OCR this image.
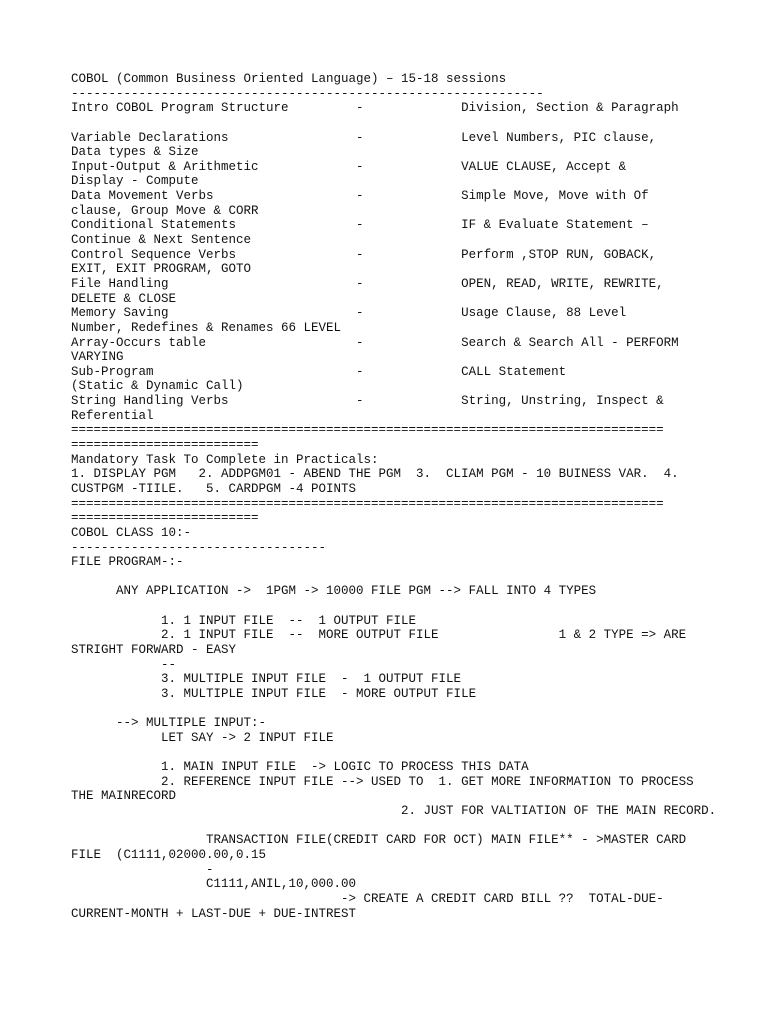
COBOL (Common Business Oriented Language) – 15-18 sessions
---------------------------------------------------------------
Intro COBOL Program Structure         -             Division, Section & Paragraph
Variable Declarations                 -             Level Numbers, PIC clause,
Data types & Size
Input-Output & Arithmetic             -             VALUE CLAUSE, Accept &
Display - Compute
Data Movement Verbs                   -             Simple Move, Move with Of
clause, Group Move & CORR
Conditional Statements                -             IF & Evaluate Statement –
Continue & Next Sentence
Control Sequence Verbs                -             Perform ,STOP RUN, GOBACK,
EXIT, EXIT PROGRAM, GOTO
File Handling                         -             OPEN, READ, WRITE, REWRITE,
DELETE & CLOSE
Memory Saving                         -             Usage Clause, 88 Level
Number, Redefines & Renames 66 LEVEL
Array-Occurs table                    -             Search & Search All - PERFORM
VARYING
Sub-Program                           -             CALL Statement
(Static & Dynamic Call)
String Handling Verbs                 -             String, Unstring, Inspect &
Referential
===============================================================================
=========================
Mandatory Task To Complete in Practicals:
1. DISPLAY PGM   2. ADDPGM01 - ABEND THE PGM  3.  CLIAM PGM - 10 BUINESS VAR.  4.
CUSTPGM -TIILE.   5. CARDPGM -4 POINTS
===============================================================================
=========================
COBOL CLASS 10:-
----------------------------------
FILE PROGRAM-:-
ANY APPLICATION ->  1PGM -> 10000 FILE PGM --> FALL INTO 4 TYPES
1. 1 INPUT FILE  --  1 OUTPUT FILE
2. 1 INPUT FILE  --  MORE OUTPUT FILE                1 & 2 TYPE => ARE
STRIGHT FORWARD - EASY
--
3. MULTIPLE INPUT FILE  -  1 OUTPUT FILE
3. MULTIPLE INPUT FILE  - MORE OUTPUT FILE
--> MULTIPLE INPUT:-
LET SAY -> 2 INPUT FILE
1. MAIN INPUT FILE  -> LOGIC TO PROCESS THIS DATA
2. REFERENCE INPUT FILE --> USED TO  1. GET MORE INFORMATION TO PROCESS
THE MAINRECORD
2. JUST FOR VALTIATION OF THE MAIN RECORD.
TRANSACTION FILE(CREDIT CARD FOR OCT) MAIN FILE** - >MASTER CARD
FILE  (C1111,02000.00,0.15
-
C1111,ANIL,10,000.00
-> CREATE A CREDIT CARD BILL ??  TOTAL-DUE-
CURRENT-MONTH + LAST-DUE + DUE-INTREST
